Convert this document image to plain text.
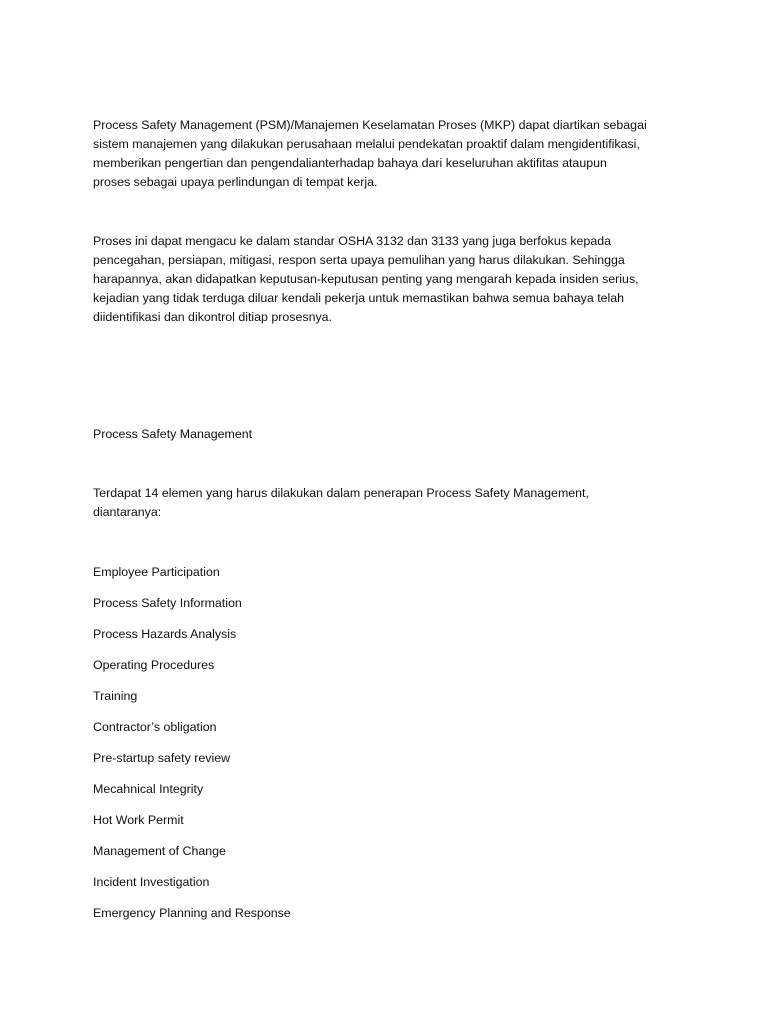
Process Safety Management (PSM)/Manajemen Keselamatan Proses (MKP) dapat diartikan sebagai
sistem manajemen yang dilakukan perusahaan melalui pendekatan proaktif dalam mengidentifikasi,
memberikan pengertian dan pengendalianterhadap bahaya dari keseluruhan aktifitas ataupun
proses sebagai upaya perlindungan di tempat kerja.

Proses ini dapat mengacu ke dalam standar OSHA 3132 dan 3133 yang juga berfokus kepada
pencegahan, persiapan, mitigasi, respon serta upaya pemulihan yang harus dilakukan. Sehingga
harapannya, akan didapatkan keputusan-keputusan penting yang mengarah kepada insiden serius,
kejadian yang tidak terduga diluar kendali pekerja untuk memastikan bahwa semua bahaya telah
diidentifikasi dan dikontrol ditiap prosesnya.

Process Safety Management

Terdapat 14 elemen yang harus dilakukan dalam penerapan Process Safety Management,
diantaranya:

Employee Participation
Process Safety Information
Process Hazards Analysis
Operating Procedures
Training
Contractor’s obligation
Pre-startup safety review
Mecahnical Integrity
Hot Work Permit
Management of Change
Incident Investigation
Emergency Planning and Response
